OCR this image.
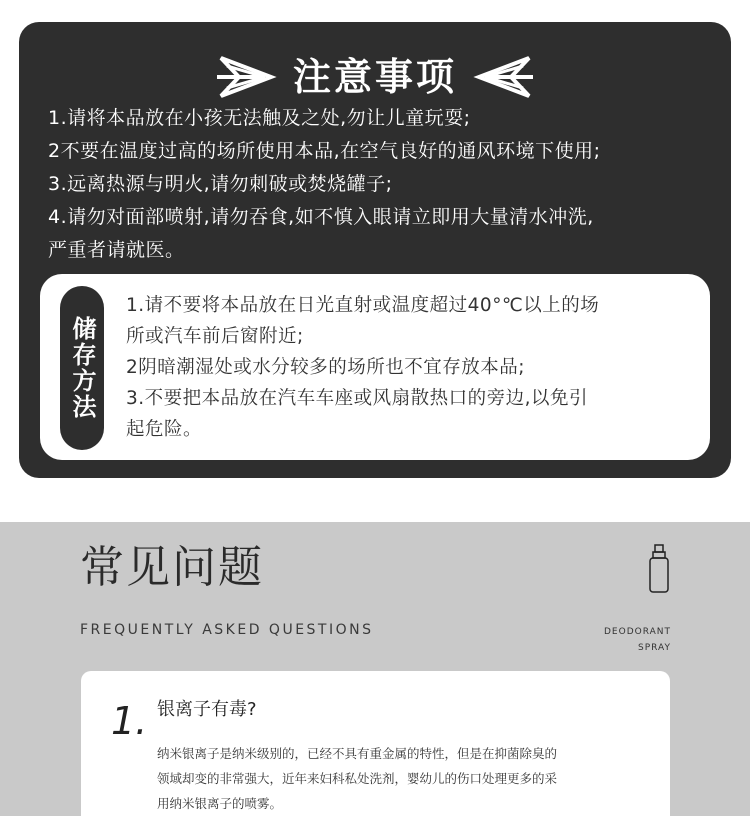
注意事项

1.请将本品放在小孩无法触及之处,勿让儿童玩耍;

2不要在温度过高的场所使用本品,在空气良好的通风环境下使用;

3.远离热源与明火,请勿刺破或焚烧罐子;

4.请勿对面部喷射,请勿吞食,如不慎入眼请立即用大量清水冲洗,

严重者请就医。

储存方法

1.请不要将本品放在日光直射或温度超过40°℃以上的场

所或汽车前后窗附近;

2阴暗潮湿处或水分较多的场所也不宜存放本品;

3.不要把本品放在汽车车座或风扇散热口的旁边,以免引

起危险。

常见问题
FREQUENTLY ASKED QUESTIONS	DEODORANT
SPRAY
1. 银离子有毒?
纳米银离子是纳米级别的，已经不具有重金属的特性，但是在抑菌除臭的
领域却变的非常强大，近年来妇科私处洗剂，婴幼儿的伤口处理更多的采
用纳米银离子的喷雾。
